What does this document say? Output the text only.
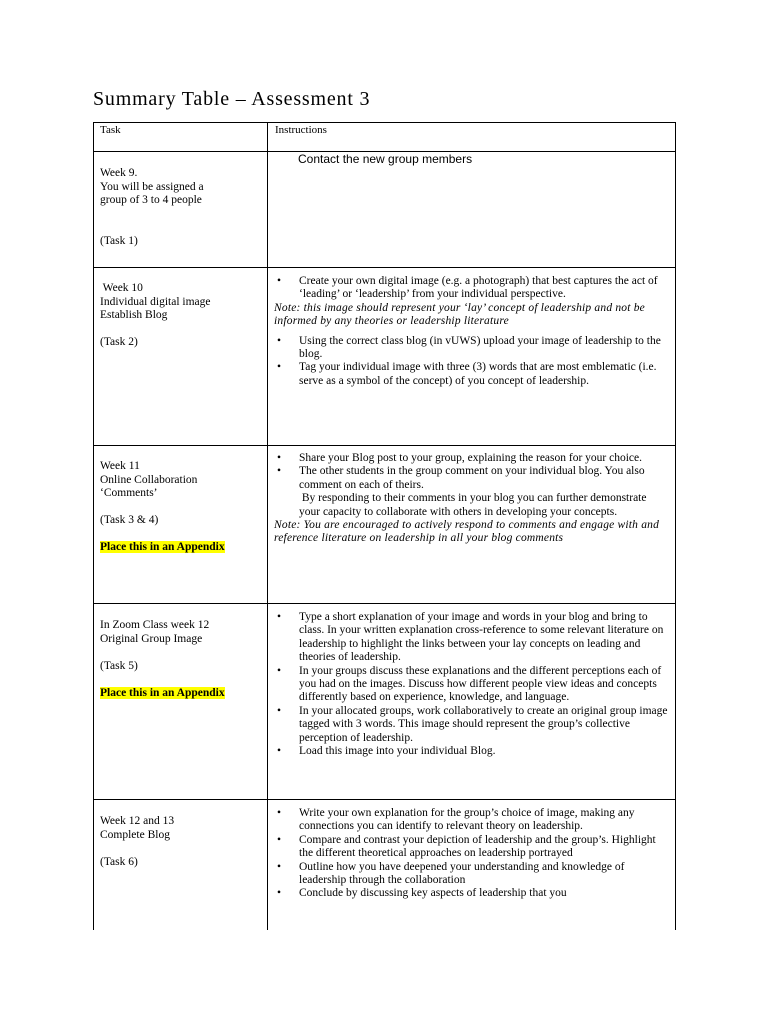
Summary Table – Assessment 3
Task	Instructions
Week 9.
You will be assigned a
group of 3 to 4 people
(Task 1)
Contact the new group members
Week 10
Individual digital image
Establish Blog
(Task 2)
• Create your own digital image (e.g. a photograph) that best captures the act of ‘leading’ or ‘leadership’ from your individual perspective.
Note: this image should represent your ‘lay’ concept of leadership and not be informed by any theories or leadership literature
• Using the correct class blog (in vUWS) upload your image of leadership to the blog.
• Tag your individual image with three (3) words that are most emblematic (i.e. serve as a symbol of the concept) of you concept of leadership.
Week 11
Online Collaboration
‘Comments’
(Task 3 & 4)
Place this in an Appendix
• Share your Blog post to your group, explaining the reason for your choice.
• The other students in the group comment on your individual blog. You also comment on each of theirs.
By responding to their comments in your blog you can further demonstrate your capacity to collaborate with others in developing your concepts.
Note: You are encouraged to actively respond to comments and engage with and reference literature on leadership in all your blog comments
In Zoom Class week 12
Original Group Image
(Task 5)
Place this in an Appendix
• Type a short explanation of your image and words in your blog and bring to class. In your written explanation cross-reference to some relevant literature on leadership to highlight the links between your lay concepts on leading and theories of leadership.
• In your groups discuss these explanations and the different perceptions each of you had on the images. Discuss how different people view ideas and concepts differently based on experience, knowledge, and language.
• In your allocated groups, work collaboratively to create an original group image tagged with 3 words. This image should represent the group’s collective perception of leadership.
• Load this image into your individual Blog.
Week 12 and 13
Complete Blog
(Task 6)
• Write your own explanation for the group’s choice of image, making any connections you can identify to relevant theory on leadership.
• Compare and contrast your depiction of leadership and the group’s. Highlight the different theoretical approaches on leadership portrayed
• Outline how you have deepened your understanding and knowledge of leadership through the collaboration
• Conclude by discussing key aspects of leadership that you
